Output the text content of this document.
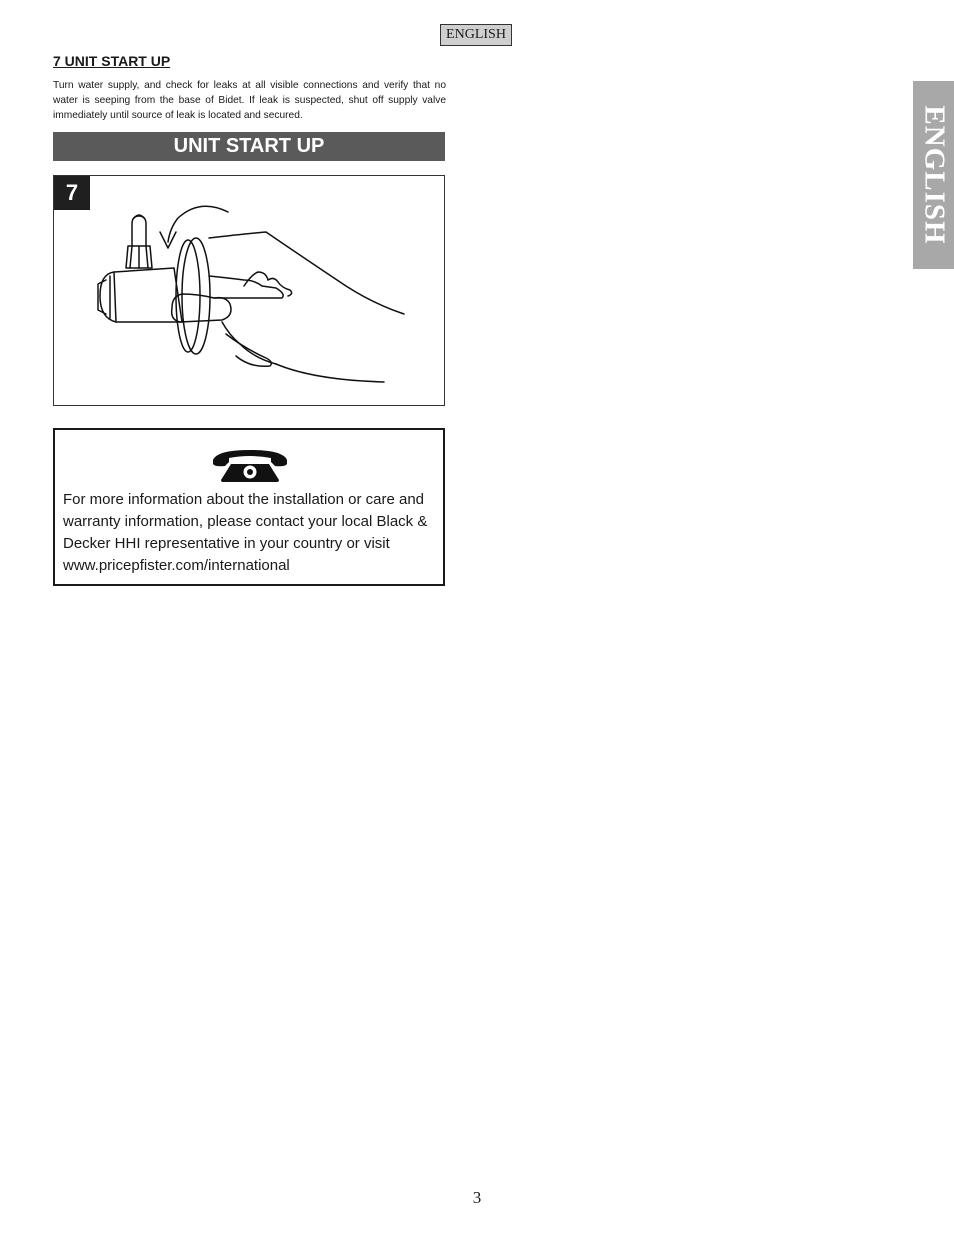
ENGLISH
ENGLISH
7 UNIT START UP
Turn water supply, and check for leaks at all visible connections and verify that no water is seeping from the base of Bidet. If leak is suspected, shut off supply valve immediately until source of leak is located and secured.
UNIT START UP
7
For more information about the installation or care and warranty information, please contact your local Black & Decker HHI representative in your country or visit www.pricepfister.com/international
3
